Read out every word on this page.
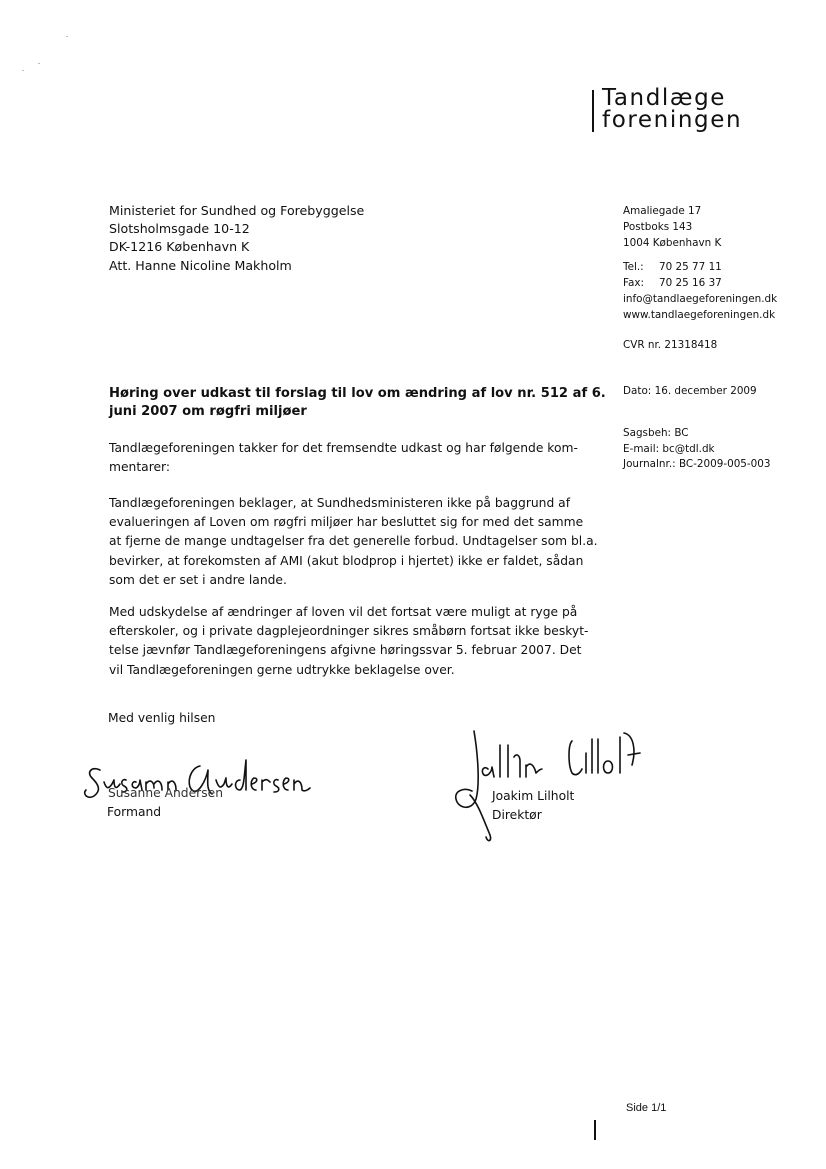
Tandlæge
foreningen
Ministeriet for Sundhed og Forebyggelse
Slotsholmsgade 10-12
DK-1216 København K
Att. Hanne Nicoline Makholm
Amaliegade 17
Postboks 143
1004 København K
Tel.: 70 25 77 11
Fax: 70 25 16 37
info@tandlaegeforeningen.dk
www.tandlaegeforeningen.dk
CVR nr. 21318418
Dato: 16. december 2009
Sagsbeh: BC
E-mail: bc@tdl.dk
Journalnr.: BC-2009-005-003
Høring over udkast til forslag til lov om ændring af lov nr. 512 af 6. juni 2007 om røgfri miljøer
Tandlægeforeningen takker for det fremsendte udkast og har følgende kom-mentarer:
Tandlægeforeningen beklager, at Sundhedsministeren ikke på baggrund af evalueringen af Loven om røgfri miljøer har besluttet sig for med det samme at fjerne de mange undtagelser fra det generelle forbud. Undtagelser som bl.a. bevirker, at forekomsten af AMI (akut blodprop i hjertet) ikke er faldet, sådan som det er set i andre lande.
Med udskydelse af ændringer af loven vil det fortsat være muligt at ryge på efterskoler, og i private dagplejeordninger sikres småbørn fortsat ikke beskyt-telse jævnfør Tandlægeforeningens afgivne høringssvar 5. februar 2007. Det vil Tandlægeforeningen gerne udtrykke beklagelse over.
Med venlig hilsen
Susanne Andersen
Formand
Joakim Lilholt
Direktør
Side 1/1
